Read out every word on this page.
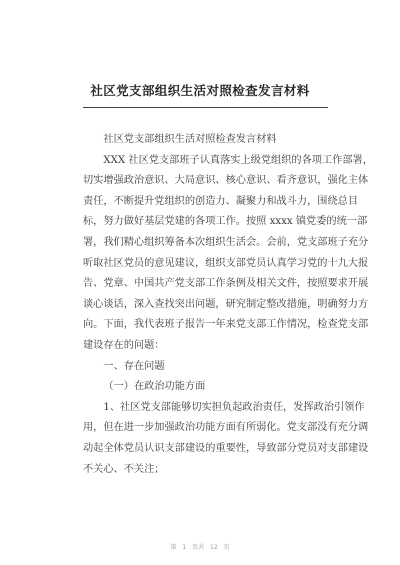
社区党支部组织生活对照检查发言材料

社区党支部组织生活对照检查发言材料

XXX 社区党支部班子认真落实上级党组织的各项工作部署，
切实增强政治意识、大局意识、核心意识、看齐意识，强化主体
责任，不断提升党组织的创造力、凝聚力和战斗力，围绕总目
标，努力做好基层党建的各项工作。按照 xxxx 镇党委的统一部
署，我们精心组织筹备本次组织生活会。会前，党支部班子充分
听取社区党员的意见建议，组织支部党员认真学习党的十九大报
告、党章、中国共产党支部工作条例及相关文件，按照要求开展
谈心谈话，深入查找突出问题，研究制定整改措施，明确努力方
向。下面，我代表班子报告一年来党支部工作情况，检查党支部
建设存在的问题：

一、存在问题

（一）在政治功能方面

1、社区党支部能够切实担负起政治责任，发挥政治引领作
用，但在进一步加强政治功能方面有所弱化。党支部没有充分调
动起全体党员认识支部建设的重要性，导致部分党员对支部建设
不关心、不关注；

第 1 页共 12 页
